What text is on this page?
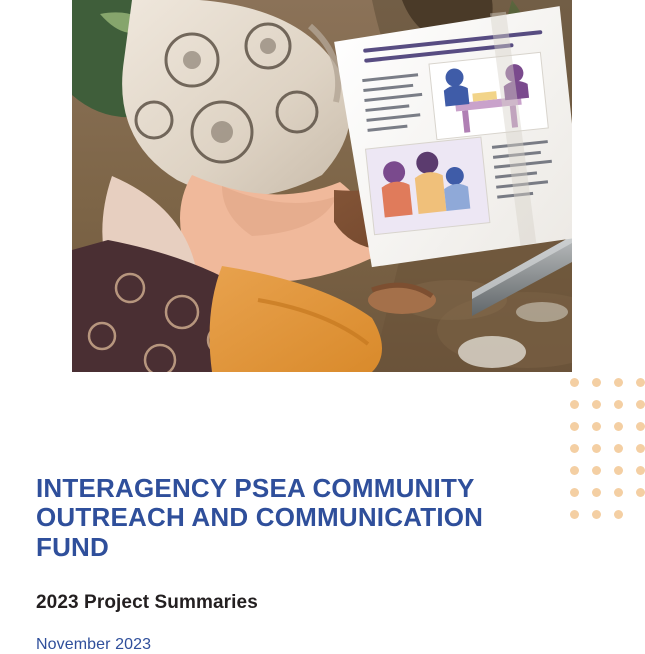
INTERAGENCY PSEA COMMUNITY OUTREACH AND COMMUNICATION FUND

2023 Project Summaries

November 2023
